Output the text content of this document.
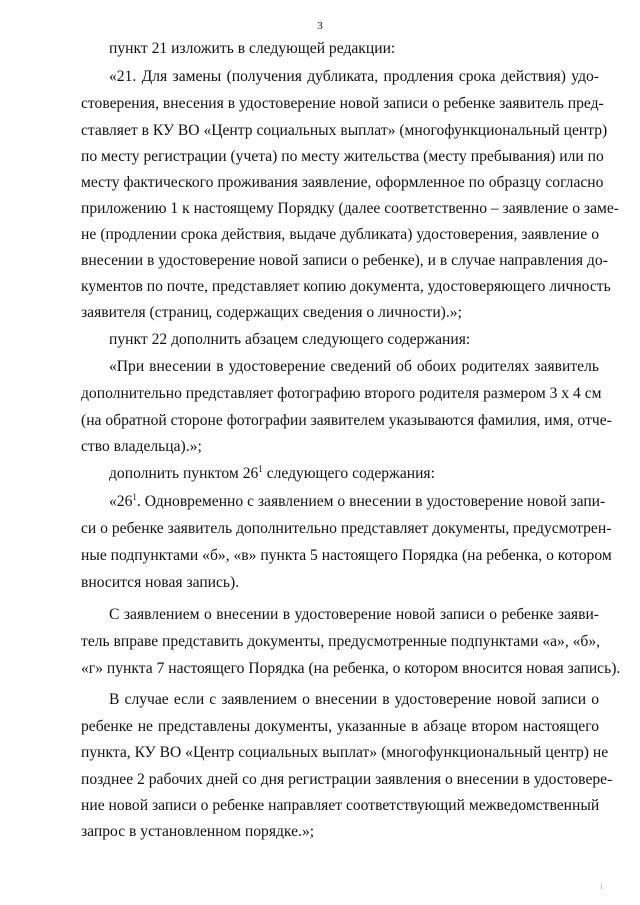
3
пункт 21 изложить в следующей редакции:
«21. Для замены (получения дубликата, продления срока действия) удо-
стоверения, внесения в удостоверение новой записи о ребенке заявитель пред-
ставляет в КУ ВО «Центр социальных выплат» (многофункциональный центр)
по месту регистрации (учета) по месту жительства (месту пребывания) или по
месту фактического проживания заявление, оформленное по образцу согласно
приложению 1 к настоящему Порядку (далее соответственно – заявление о заме-
не (продлении срока действия, выдаче дубликата) удостоверения, заявление о
внесении в удостоверение новой записи о ребенке), и в случае направления до-
кументов по почте, представляет копию документа, удостоверяющего личность
заявителя (страниц, содержащих сведения о личности).»;
пункт 22 дополнить абзацем следующего содержания:
«При внесении в удостоверение сведений об обоих родителях заявитель
дополнительно представляет фотографию второго родителя размером 3 х 4 см
(на обратной стороне фотографии заявителем указываются фамилия, имя, отче-
ство владельца).»;
дополнить пунктом $26^1$ следующего содержания:
«$26^1$. Одновременно с заявлением о внесении в удостоверение новой запи-
си о ребенке заявитель дополнительно представляет документы, предусмотрен-
ные подпунктами «б», «в» пункта 5 настоящего Порядка (на ребенка, о котором
вносится новая запись).
С заявлением о внесении в удостоверение новой записи о ребенке заяви-
тель вправе представить документы, предусмотренные подпунктами «а», «б»,
«г» пункта 7 настоящего Порядка (на ребенка, о котором вносится новая запись).
В случае если с заявлением о внесении в удостоверение новой записи о
ребенке не представлены документы, указанные в абзаце втором настоящего
пункта, КУ ВО «Центр социальных выплат» (многофункциональный центр) не
позднее 2 рабочих дней со дня регистрации заявления о внесении в удостовере-
ние новой записи о ребенке направляет соответствующий межведомственный
запрос в установленном порядке.»;
